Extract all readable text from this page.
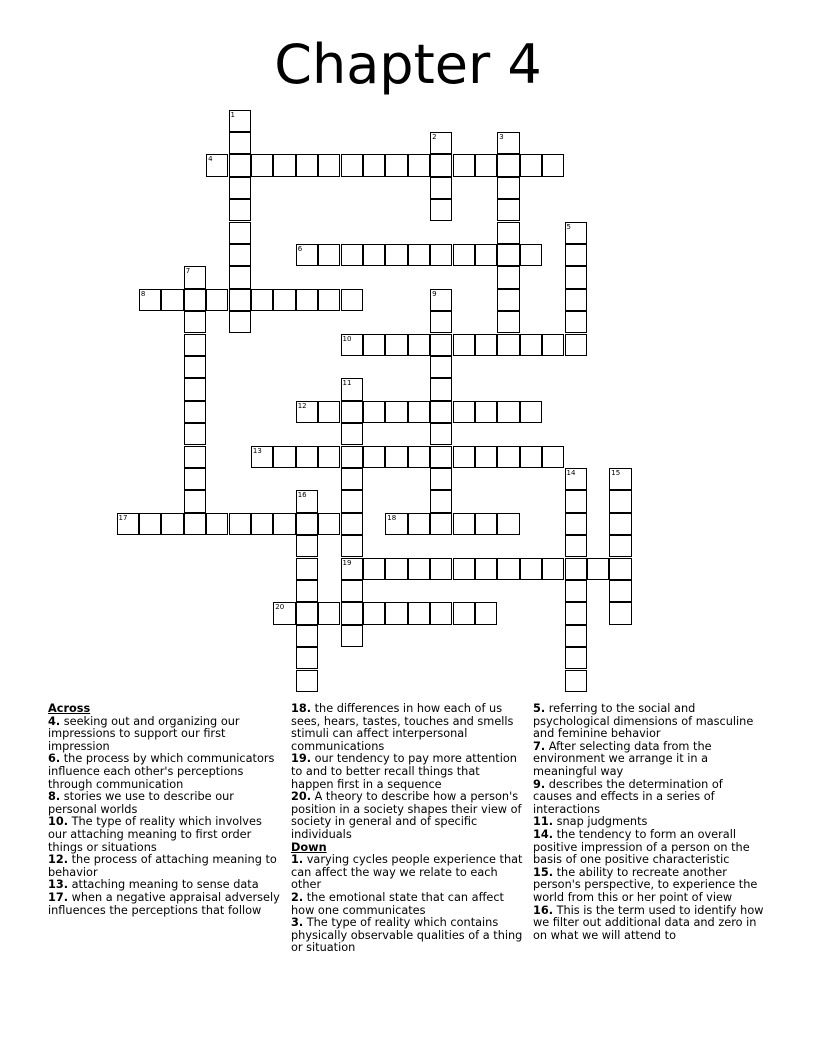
Chapter 4
4
6
8
10
12
13
17	18
19
20
1
2	3
5
7
9
11
14	15
16

Across

4. seeking out and organizing our impressions to support our first impression

6. the process by which communicators influence each other's perceptions through communication

8. stories we use to describe our personal worlds

10. The type of reality which involves our attaching meaning to first order things or situations

12. the process of attaching meaning to behavior

13. attaching meaning to sense data

17. when a negative appraisal adversely influences the perceptions that follow

18. the differences in how each of us sees, hears, tastes, touches and smells stimuli can affect interpersonal communications

19. our tendency to pay more attention to and to better recall things that happen first in a sequence

20. A theory to describe how a person's position in a society shapes their view of society in general and of specific individuals

Down

1. varying cycles people experience that can affect the way we relate to each other

2. the emotional state that can affect how one communicates

3. The type of reality which contains physically observable qualities of a thing or situation

5. referring to the social and psychological dimensions of masculine and feminine behavior

7. After selecting data from the environment we arrange it in a meaningful way

9. describes the determination of causes and effects in a series of interactions

11. snap judgments

14. the tendency to form an overall positive impression of a person on the basis of one positive characteristic

15. the ability to recreate another person's perspective, to experience the world from this or her point of view

16. This is the term used to identify how we filter out additional data and zero in on what we will attend to
